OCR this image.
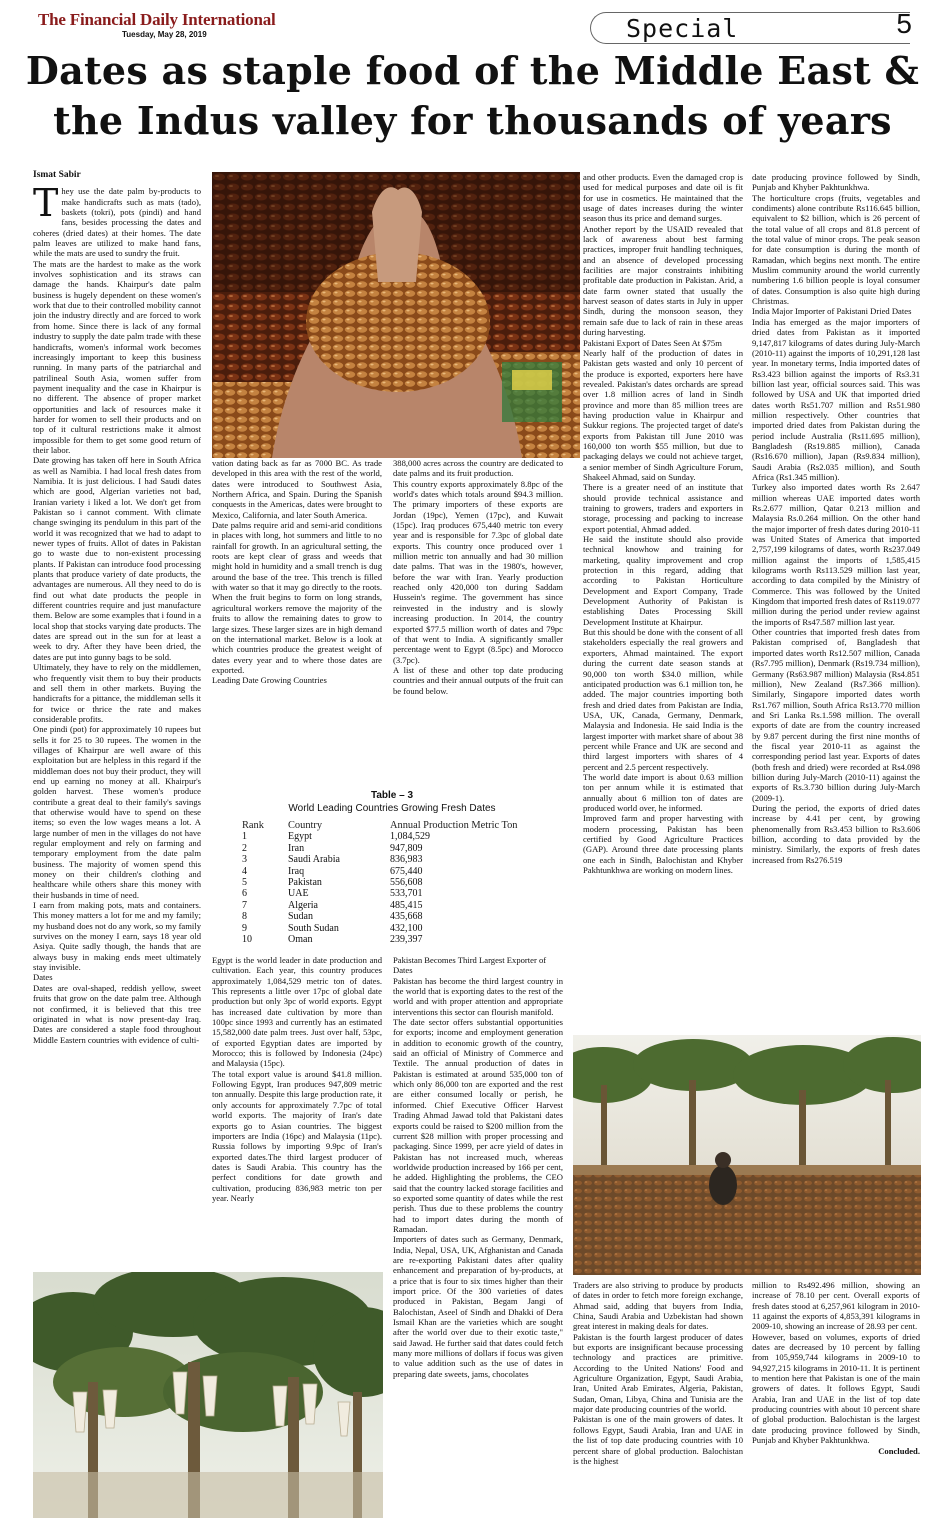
The Financial Daily International
Tuesday, May 28, 2019	Special	5
Dates as staple food of the Middle East &
the Indus valley for thousands of years
Ismat Sabir
T hey use the date palm by-products to make handicrafts such as mats (tado), baskets (tokri), pots (pindi) and hand fans, besides processing the dates and coheres (dried dates) at their homes. The date palm leaves are utilized to make hand fans, while the mats are used to sundry the fruit.

The mats are the hardest to make as the work involves sophistication and its straws can damage the hands. Khairpur's date palm business is hugely dependent on these women's work that due to their controlled mobility cannot join the industry directly and are forced to work from home. Since there is lack of any formal industry to supply the date palm trade with these handicrafts, women's informal work becomes increasingly important to keep this business running. In many parts of the patriarchal and patrilineal South Asia, women suffer from payment inequality and the case in Khairpur is no different. The absence of proper market opportunities and lack of resources make it harder for women to sell their products and on top of it cultural restrictions make it almost impossible for them to get some good return of their labor.

Date growing has taken off here in South Africa as well as Namibia. I had local fresh dates from Namibia. It is just delicious. I had Saudi dates which are good, Algerian varieties not bad, Iranian variety i liked a lot. We don't get from Pakistan so i cannot comment. With climate change swinging its pendulum in this part of the world it was recognized that we had to adapt to newer types of fruits. Allot of dates in Pakistan go to waste due to non-existent processing plants. If Pakistan can introduce food processing plants that produce variety of date products, the advantages are numerous. All they need to do is find out what date products the people in different countries require and just manufacture them. Below are some examples that i found in a local shop that stocks varying date products. The dates are spread out in the sun for at least a week to dry. After they have been dried, the dates are put into gunny bags to be sold.

Ultimately, they have to rely on the middlemen, who frequently visit them to buy their products and sell them in other markets. Buying the handicrafts for a pittance, the middleman sells it for twice or thrice the rate and makes considerable profits.

One pindi (pot) for approximately 10 rupees but sells it for 25 to 30 rupees. The women in the villages of Khairpur are well aware of this exploitation but are helpless in this regard if the middleman does not buy their product, they will end up earning no money at all. Khairpur's golden harvest. These women's produce contribute a great deal to their family's savings that otherwise would have to spend on these items; so even the low wages means a lot. A large number of men in the villages do not have regular employment and rely on farming and temporary employment from the date palm business. The majority of women spend this money on their children's clothing and healthcare while others share this money with their husbands in time of need.

I earn from making pots, mats and containers. This money matters a lot for me and my family; my husband does not do any work, so my family survives on the money I earn, says 18 year old Asiya. Quite sadly though, the hands that are always busy in making ends meet ultimately stay invisible.

Dates

Dates are oval-shaped, reddish yellow, sweet fruits that grow on the date palm tree. Although not confirmed, it is believed that this tree originated in what is now present-day Iraq. Dates are considered a staple food throughout Middle Eastern countries with evidence of culti-

vation dating back as far as 7000 BC. As trade developed in this area with the rest of the world, dates were introduced to Southwest Asia, Northern Africa, and Spain. During the Spanish conquests in the Americas, dates were brought to Mexico, California, and later South America.

Date palms require arid and semi-arid conditions in places with long, hot summers and little to no rainfall for growth. In an agricultural setting, the roots are kept clear of grass and weeds that might hold in humidity and a small trench is dug around the base of the tree. This trench is filled with water so that it may go directly to the roots. When the fruit begins to form on long strands, agricultural workers remove the majority of the fruits to allow the remaining dates to grow to large sizes. These larger sizes are in high demand on the international market. Below is a look at which countries produce the greatest weight of dates every year and to where those dates are exported.

Leading Date Growing Countries

388,000 acres across the country are dedicated to date palms and its fruit production.

This country exports approximately 8.8pc of the world's dates which totals around $94.3 million. The primary importers of these exports are Jordan (19pc), Yemen (17pc), and Kuwait (15pc). Iraq produces 675,440 metric ton every year and is responsible for 7.3pc of global date exports. This country once produced over 1 million metric ton annually and had 30 million date palms. That was in the 1980's, however, before the war with Iran. Yearly production reached only 420,000 ton during Saddam Hussein's regime. The government has since reinvested in the industry and is slowly increasing production. In 2014, the country exported $77.5 million worth of dates and 79pc of that went to India. A significantly smaller percentage went to Egypt (8.5pc) and Morocco (3.7pc).

A list of these and other top date producing countries and their annual outputs of the fruit can be found below.

Table – 3
World Leading Countries Growing Fresh Dates
Rank	Country	Annual Production Metric Ton
1	Egypt	1,084,529
2	Iran	947,809
3	Saudi Arabia	836,983
4	Iraq	675,440
5	Pakistan	556,608
6	UAE	533,701
7	Algeria	485,415
8	Sudan	435,668
9	South Sudan	432,100
10	Oman	239,397

Egypt is the world leader in date production and cultivation. Each year, this country produces approximately 1,084,529 metric ton of dates. This represents a little over 17pc of global date production but only 3pc of world exports. Egypt has increased date cultivation by more than 100pc since 1993 and currently has an estimated 15,582,000 date palm trees. Just over half, 53pc, of exported Egyptian dates are imported by Morocco; this is followed by Indonesia (24pc) and Malaysia (15pc).

The total export value is around $41.8 million. Following Egypt, Iran produces 947,809 metric ton annually. Despite this large production rate, it only accounts for approximately 7.7pc of total world exports. The majority of Iran's date exports go to Asian countries. The biggest importers are India (16pc) and Malaysia (11pc). Russia follows by importing 9.9pc of Iran's exported dates.The third largest producer of dates is Saudi Arabia. This country has the perfect conditions for date growth and cultivation, producing 836,983 metric ton per year. Nearly

Pakistan Becomes Third Largest Exporter of Dates

Pakistan has become the third largest country in the world that is exporting dates to the rest of the world and with proper attention and appropriate interventions this sector can flourish manifold.

The date sector offers substantial opportunities for exports; income and employment generation in addition to economic growth of the country, said an official of Ministry of Commerce and Textile. The annual production of dates in Pakistan is estimated at around 535,000 ton of which only 86,000 ton are exported and the rest are either consumed locally or perish, he informed. Chief Executive Officer Harvest Trading Ahmad Jawad told that Pakistani dates exports could be raised to $200 million from the current $28 million with proper processing and packaging. Since 1999, per acre yield of dates in Pakistan has not increased much, whereas worldwide production increased by 166 per cent, he added. Highlighting the problems, the CEO said that the country lacked storage facilities and so exported some quantity of dates while the rest perish. Thus due to these problems the country had to import dates during the month of Ramadan.

Importers of dates such as Germany, Denmark, India, Nepal, USA, UK, Afghanistan and Canada are re-exporting Pakistani dates after quality enhancement and preparation of by-products, at a price that is four to six times higher than their import price. Of the 300 varieties of dates produced in Pakistan, Begam Jangi of Balochistan, Aseel of Sindh and Dhakki of Dera Ismail Khan are the varieties which are sought after the world over due to their exotic taste," said Jawad. He further said that dates could fetch many more millions of dollars if focus was given to value addition such as the use of dates in preparing date sweets, jams, chocolates

and other products. Even the damaged crop is used for medical purposes and date oil is fit for use in cosmetics. He maintained that the usage of dates increases during the winter season thus its price and demand surges.

Another report by the USAID revealed that lack of awareness about best farming practices, improper fruit handling techniques, and an absence of developed processing facilities are major constraints inhibiting profitable date production in Pakistan. Arid, a date farm owner stated that usually the harvest season of dates starts in July in upper Sindh, during the monsoon season, they remain safe due to lack of rain in these areas during harvesting.

Pakistani Export of Dates Seen At $75m

Nearly half of the production of dates in Pakistan gets wasted and only 10 percent of the produce is exported, exporters here have revealed. Pakistan's dates orchards are spread over 1.8 million acres of land in Sindh province and more than 85 million trees are having production value in Khairpur and Sukkur regions. The projected target of date's exports from Pakistan till June 2010 was 160,000 ton worth $55 million, but due to packaging delays we could not achieve target, a senior member of Sindh Agriculture Forum, Shakeel Ahmad, said on Sunday.

There is a greater need of an institute that should provide technical assistance and training to growers, traders and exporters in storage, processing and packing to increase export potential, Ahmad added.

He said the institute should also provide technical knowhow and training for marketing, quality improvement and crop protection in this regard, adding that according to Pakistan Horticulture Development and Export Company, Trade Development Authority of Pakistan is establishing Dates Processing Skill Development Institute at Khairpur.

But this should be done with the consent of all stakeholders especially the real growers and exporters, Ahmad maintained. The export during the current date season stands at 90,000 ton worth $34.0 million, while anticipated production was 6.1 million ton, he added. The major countries importing both fresh and dried dates from Pakistan are India, USA, UK, Canada, Germany, Denmark, Malaysia and Indonesia. He said India is the largest importer with market share of about 38 percent while France and UK are second and third largest importers with shares of 4 percent and 2.5 percent respectively.

The world date import is about 0.63 million ton per annum while it is estimated that annually about 6 million ton of dates are produced world over, he informed.

Improved farm and proper harvesting with modern processing, Pakistan has been certified by Good Agriculture Practices (GAP). Around three date processing plants one each in Sindh, Balochistan and Khyber Pakhtunkhwa are working on modern lines.

date producing province followed by Sindh, Punjab and Khyber Pakhtunkhwa.

The horticulture crops (fruits, vegetables and condiments) alone contribute Rs116.645 billion, equivalent to $2 billion, which is 26 percent of the total value of all crops and 81.8 percent of the total value of minor crops. The peak season for date consumption is during the month of Ramadan, which begins next month. The entire Muslim community around the world currently numbering 1.6 billion people is loyal consumer of dates. Consumption is also quite high during Christmas.

India Major Importer of Pakistani Dried Dates

India has emerged as the major importers of dried dates from Pakistan as it imported 9,147,817 kilograms of dates during July-March (2010-11) against the imports of 10,291,128 last year. In monetary terms, India imported dates of Rs3.423 billion against the imports of Rs3.31 billion last year, official sources said. This was followed by USA and UK that imported dried dates worth Rs51.707 million and Rs51.980 million respectively. Other countries that imported dried dates from Pakistan during the period include Australia (Rs11.695 million), Bangladesh (Rs19.885 million), Canada (Rs16.670 million), Japan (Rs9.834 million), Saudi Arabia (Rs2.035 million), and South Africa (Rs1.345 million).

Turkey also imported dates worth Rs 2.647 million whereas UAE imported dates worth Rs.2.677 million, Qatar 0.213 million and Malaysia Rs.0.264 million. On the other hand the major importer of fresh dates during 2010-11 was United States of America that imported 2,757,199 kilograms of dates, worth Rs237.049 million against the imports of 1,585,415 kilograms worth Rs113.529 million last year, according to data compiled by the Ministry of Commerce. This was followed by the United Kingdom that imported fresh dates of Rs119.077 million during the period under review against the imports of Rs47.587 million last year.

Other countries that imported fresh dates from Pakistan comprised of, Bangladesh that imported dates worth Rs12.507 million, Canada (Rs7.795 million), Denmark (Rs19.734 million), Germany (Rs63.987 million) Malaysia (Rs4.851 million), New Zealand (Rs7.366 million). Similarly, Singapore imported dates worth Rs1.767 million, South Africa Rs13.770 million and Sri Lanka Rs.1.598 million. The overall exports of date are from the country increased by 9.87 percent during the first nine months of the fiscal year 2010-11 as against the corresponding period last year. Exports of dates (both fresh and dried) were recorded at Rs4.098 billion during July-March (2010-11) against the exports of Rs.3.730 billion during July-March (2009-1).

During the period, the exports of dried dates increase by 4.41 per cent, by growing phenomenally from Rs3.453 billion to Rs3.606 billion, according to data provided by the ministry. Similarly, the exports of fresh dates increased from Rs276.519

Traders are also striving to produce by products of dates in order to fetch more foreign exchange, Ahmad said, adding that buyers from India, China, Saudi Arabia and Uzbekistan had shown great interest in making deals for dates.

Pakistan is the fourth largest producer of dates but exports are insignificant because processing technology and practices are primitive. According to the United Nations' Food and Agriculture Organization, Egypt, Saudi Arabia, Iran, United Arab Emirates, Algeria, Pakistan, Sudan, Oman, Libya, China and Tunisia are the major date producing countries of the world.

Pakistan is one of the main growers of dates. It follows Egypt, Saudi Arabia, Iran and UAE in the list of top date producing countries with 10 percent share of global production. Balochistan is the highest

million to Rs492.496 million, showing an increase of 78.10 per cent. Overall exports of fresh dates stood at 6,257,961 kilogram in 2010-11 against the exports of 4,853,391 kilograms in 2009-10, showing an increase of 28.93 per cent.

However, based on volumes, exports of dried dates are decreased by 10 percent by falling from 105,959,744 kilograms in 2009-10 to 94,927,215 kilograms in 2010-11. It is pertinent to mention here that Pakistan is one of the main growers of dates. It follows Egypt, Saudi Arabia, Iran and UAE in the list of top date producing countries with about 10 percent share of global production. Balochistan is the largest date producing province followed by Sindh, Punjab and Khyber Pakhtunkhwa.

Concluded.
